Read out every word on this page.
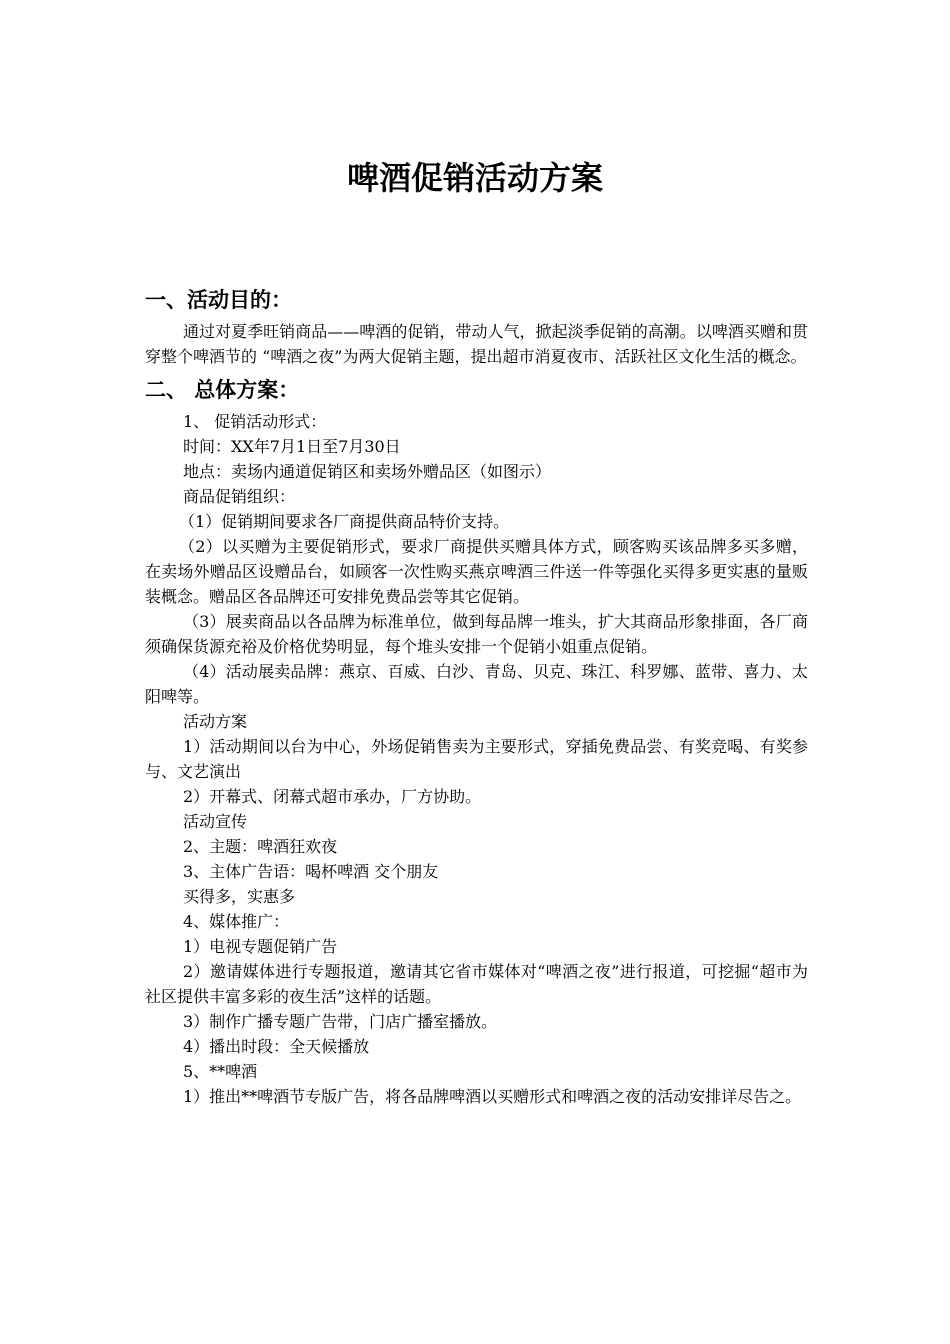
啤酒促销活动方案
一、活动目的：

通过对夏季旺销商品——啤酒的促销，带动人气，掀起淡季促销的高潮。以啤酒买赠和贯穿整个啤酒节的 “啤酒之夜”为两大促销主题，提出超市消夏夜市、活跃社区文化生活的概念。

二、 总体方案：

1、 促销活动形式：

时间：XX年7月1日至7月30日

地点：卖场内通道促销区和卖场外赠品区（如图示）

商品促销组织：

（1）促销期间要求各厂商提供商品特价支持。

（2）以买赠为主要促销形式，要求厂商提供买赠具体方式，顾客购买该品牌多买多赠，在卖场外赠品区设赠品台，如顾客一次性购买燕京啤酒三件送一件等强化买得多更实惠的量贩装概念。赠品区各品牌还可安排免费品尝等其它促销。

（3）展卖商品以各品牌为标准单位，做到每品牌一堆头，扩大其商品形象排面，各厂商须确保货源充裕及价格优势明显，每个堆头安排一个促销小姐重点促销。

（4）活动展卖品牌：燕京、百威、白沙、青岛、贝克、珠江、科罗娜、蓝带、喜力、太阳啤等。

活动方案

1）活动期间以台为中心，外场促销售卖为主要形式，穿插免费品尝、有奖竞喝、有奖参与、文艺演出

2）开幕式、闭幕式超市承办，厂方协助。

活动宣传

2、主题：啤酒狂欢夜

3、主体广告语：喝杯啤酒 交个朋友

买得多，实惠多

4、媒体推广：

1）电视专题促销广告

2）邀请媒体进行专题报道，邀请其它省市媒体对“啤酒之夜”进行报道，可挖掘“超市为社区提供丰富多彩的夜生活”这样的话题。

3）制作广播专题广告带，门店广播室播放。

4）播出时段：全天候播放

5、**啤酒

1）推出**啤酒节专版广告，将各品牌啤酒以买赠形式和啤酒之夜的活动安排详尽告之。
